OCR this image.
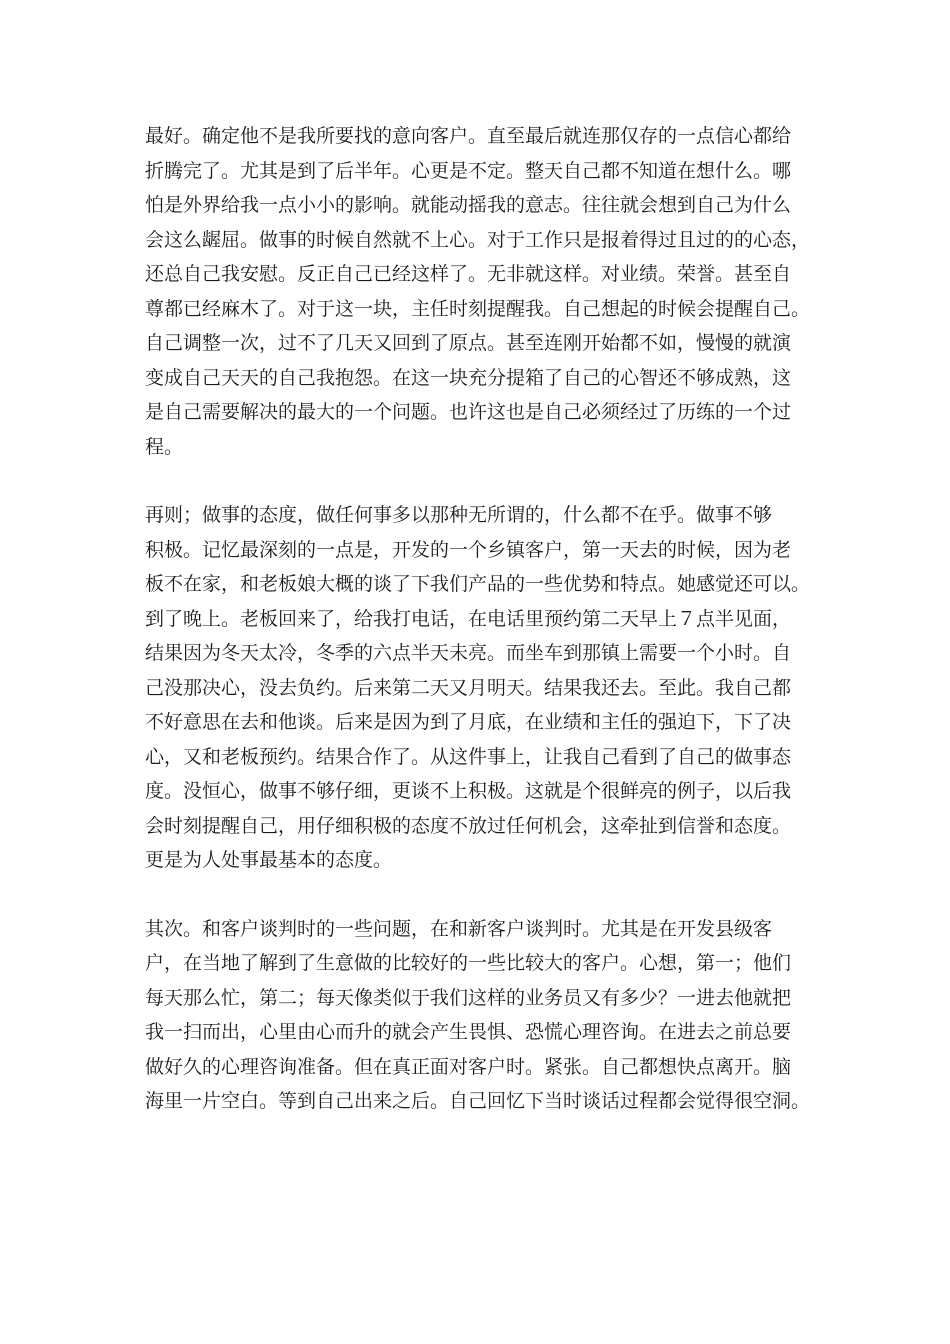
最好。确定他不是我所要找的意向客户。直至最后就连那仅存的一点信心都给

折腾完了。尤其是到了后半年。心更是不定。整天自己都不知道在想什么。哪

怕是外界给我一点小小的影响。就能动摇我的意志。往往就会想到自己为什么

会这么龌屈。做事的时候自然就不上心。对于工作只是报着得过且过的的心态，

还总自己我安慰。反正自己已经这样了。无非就这样。对业绩。荣誉。甚至自

尊都已经麻木了。对于这一块，主任时刻提醒我。自己想起的时候会提醒自己。

自己调整一次，过不了几天又回到了原点。甚至连刚开始都不如，慢慢的就演

变成自己天天的自己我抱怨。在这一块充分提箱了自己的心智还不够成熟，这

是自己需要解决的最大的一个问题。也许这也是自己必须经过了历练的一个过

程。

再则；做事的态度，做任何事多以那种无所谓的，什么都不在乎。做事不够

积极。记忆最深刻的一点是，开发的一个乡镇客户，第一天去的时候，因为老

板不在家，和老板娘大概的谈了下我们产品的一些优势和特点。她感觉还可以。

到了晚上。老板回来了，给我打电话，在电话里预约第二天早上７点半见面，

结果因为冬天太冷，冬季的六点半天未亮。而坐车到那镇上需要一个小时。自

己没那决心，没去负约。后来第二天又月明天。结果我还去。至此。我自己都

不好意思在去和他谈。后来是因为到了月底，在业绩和主任的强迫下，下了决

心，又和老板预约。结果合作了。从这件事上，让我自己看到了自己的做事态

度。没恒心，做事不够仔细，更谈不上积极。这就是个很鲜亮的例子，以后我

会时刻提醒自己，用仔细积极的态度不放过任何机会，这牵扯到信誉和态度。

更是为人处事最基本的态度。

其次。和客户谈判时的一些问题，在和新客户谈判时。尤其是在开发县级客

户，在当地了解到了生意做的比较好的一些比较大的客户。心想，第一；他们

每天那么忙，第二；每天像类似于我们这样的业务员又有多少？一进去他就把

我一扫而出，心里由心而升的就会产生畏惧、恐慌心理咨询。在进去之前总要

做好久的心理咨询准备。但在真正面对客户时。紧张。自己都想快点离开。脑

海里一片空白。等到自己出来之后。自己回忆下当时谈话过程都会觉得很空洞。
